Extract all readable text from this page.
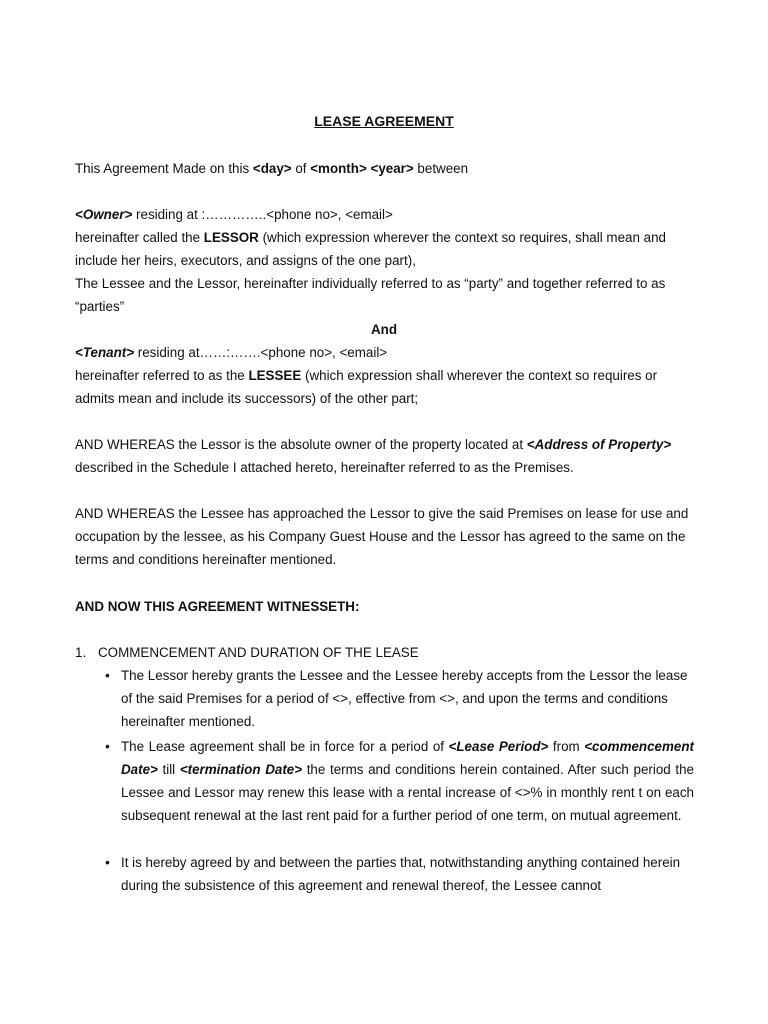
LEASE AGREEMENT

This Agreement Made on this <day> of <month> <year> between

<Owner> residing at :…………..<phone no>, <email>
hereinafter called the LESSOR (which expression wherever the context so requires, shall mean and include her heirs, executors, and assigns of the one part),
The Lessee and the Lessor, hereinafter individually referred to as “party” and together referred to as “parties”

And

<Tenant> residing at……:…….<phone no>, <email>
hereinafter referred to as the LESSEE (which expression shall wherever the context so requires or admits mean and include its successors) of the other part;

AND WHEREAS the Lessor is the absolute owner of the property located at <Address of Property> described in the Schedule I attached hereto, hereinafter referred to as the Premises.

AND WHEREAS the Lessee has approached the Lessor to give the said Premises on lease for use and occupation by the lessee, as his Company Guest House and the Lessor has agreed to the same on the terms and conditions hereinafter mentioned.

AND NOW THIS AGREEMENT WITNESSETH:

1. COMMENCEMENT AND DURATION OF THE LEASE
• The Lessor hereby grants the Lessee and the Lessee hereby accepts from the Lessor the lease of the said Premises for a period of <>, effective from <>, and upon the terms and conditions hereinafter mentioned.

• The Lease agreement shall be in force for a period of <Lease Period> from <commencement Date> till <termination Date> the terms and conditions herein contained. After such period the Lessee and Lessor may renew this lease with a rental increase of <>% in monthly rent t on each subsequent renewal at the last rent paid for a further period of one term, on mutual agreement.

• It is hereby agreed by and between the parties that, notwithstanding anything contained herein during the subsistence of this agreement and renewal thereof, the Lessee cannot
